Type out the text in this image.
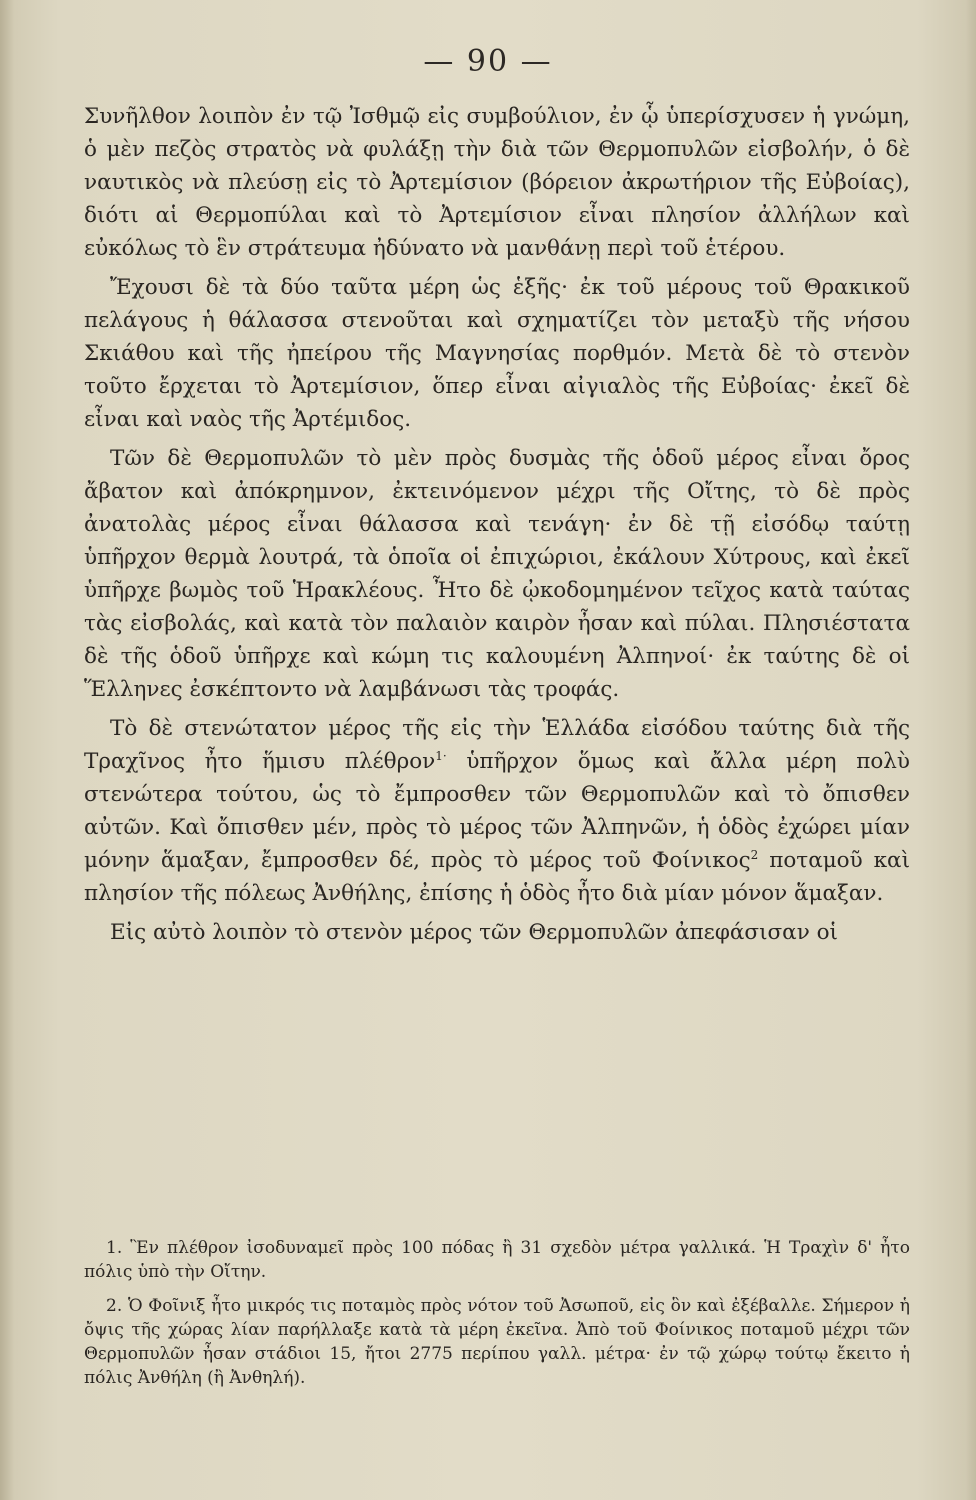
— 90 —

Συνῆλθον λοιπὸν ἐν τῷ Ἰσθμῷ εἰς συμβούλιον, ἐν ᾧ ὑπερίσχυσεν ἡ γνώμη, ὁ μὲν πεζὸς στρατὸς νὰ φυλάξῃ τὴν διὰ τῶν Θερμοπυλῶν εἰσβολήν, ὁ δὲ ναυτικὸς νὰ πλεύσῃ εἰς τὸ Ἀρτεμίσιον (βόρειον ἀκρωτήριον τῆς Εὐβοίας), διότι αἱ Θερμοπύλαι καὶ τὸ Ἀρτεμίσιον εἶναι πλησίον ἀλλήλων καὶ εὐκόλως τὸ ἓν στράτευμα ἠδύνατο νὰ μανθάνῃ περὶ τοῦ ἑτέρου.

Ἔχουσι δὲ τὰ δύο ταῦτα μέρη ὡς ἑξῆς· ἐκ τοῦ μέρους τοῦ Θρακικοῦ πελάγους ἡ θάλασσα στενοῦται καὶ σχηματίζει τὸν μεταξὺ τῆς νήσου Σκιάθου καὶ τῆς ἠπείρου τῆς Μαγνησίας πορθμόν. Μετὰ δὲ τὸ στενὸν τοῦτο ἔρχεται τὸ Ἀρτεμίσιον, ὅπερ εἶναι αἰγιαλὸς τῆς Εὐβοίας· ἐκεῖ δὲ εἶναι καὶ ναὸς τῆς Ἀρτέμιδος.

Τῶν δὲ Θερμοπυλῶν τὸ μὲν πρὸς δυσμὰς τῆς ὁδοῦ μέρος εἶναι ὄρος ἄβατον καὶ ἀπόκρημνον, ἐκτεινόμενον μέχρι τῆς Οἴτης, τὸ δὲ πρὸς ἀνατολὰς μέρος εἶναι θάλασσα καὶ τενάγη· ἐν δὲ τῇ εἰσόδῳ ταύτῃ ὑπῆρχον θερμὰ λουτρά, τὰ ὁποῖα οἱ ἐπιχώριοι, ἐκάλουν Χύτρους, καὶ ἐκεῖ ὑπῆρχε βωμὸς τοῦ Ἡρακλέους. Ἦτο δὲ ᾠκοδομημένον τεῖχος κατὰ ταύτας τὰς εἰσβολάς, καὶ κατὰ τὸν παλαιὸν καιρὸν ἦσαν καὶ πύλαι. Πλησιέστατα δὲ τῆς ὁδοῦ ὑπῆρχε καὶ κώμη τις καλουμένη Ἀλπηνοί· ἐκ ταύτης δὲ οἱ Ἕλληνες ἐσκέπτοντο νὰ λαμβάνωσι τὰς τροφάς.

Τὸ δὲ στενώτατον μέρος τῆς εἰς τὴν Ἑλλάδα εἰσόδου ταύτης διὰ τῆς Τραχῖνος ἦτο ἥμισυ πλέθρον$^{1\cdot}$ ὑπῆρχον ὅμως καὶ ἄλλα μέρη πολὺ στενώτερα τούτου, ὡς τὸ ἔμπροσθεν τῶν Θερμοπυλῶν καὶ τὸ ὄπισθεν αὐτῶν. Καὶ ὄπισθεν μέν, πρὸς τὸ μέρος τῶν Ἀλπηνῶν, ἡ ὁδὸς ἐχώρει μίαν μόνην ἅμαξαν, ἔμπροσθεν δέ, πρὸς τὸ μέρος τοῦ Φοίνικος$^2$ ποταμοῦ καὶ πλησίον τῆς πόλεως Ἀνθήλης, ἐπίσης ἡ ὁδὸς ἦτο διὰ μίαν μόνον ἅμαξαν.

Εἰς αὐτὸ λοιπὸν τὸ στενὸν μέρος τῶν Θερμοπυλῶν ἀπεφάσισαν οἱ

1. Ἓν πλέθρον ἰσοδυναμεῖ πρὸς 100 πόδας ἢ 31 σχεδὸν μέτρα γαλλικά. Ἡ Τραχὶν δ' ἦτο πόλις ὑπὸ τὴν Οἴτην.

2. Ὁ Φοῖνιξ ἦτο μικρός τις ποταμὸς πρὸς νότον τοῦ Ἀσωποῦ, εἰς ὃν καὶ ἐξέβαλλε. Σήμερον ἡ ὄψις τῆς χώρας λίαν παρήλλαξε κατὰ τὰ μέρη ἐκεῖνα. Ἀπὸ τοῦ Φοίνικος ποταμοῦ μέχρι τῶν Θερμοπυλῶν ἦσαν στάδιοι 15, ἤτοι 2775 περίπου γαλλ. μέτρα· ἐν τῷ χώρῳ τούτῳ ἔκειτο ἡ πόλις Ἀνθήλη (ἢ Ἀνθηλή).
